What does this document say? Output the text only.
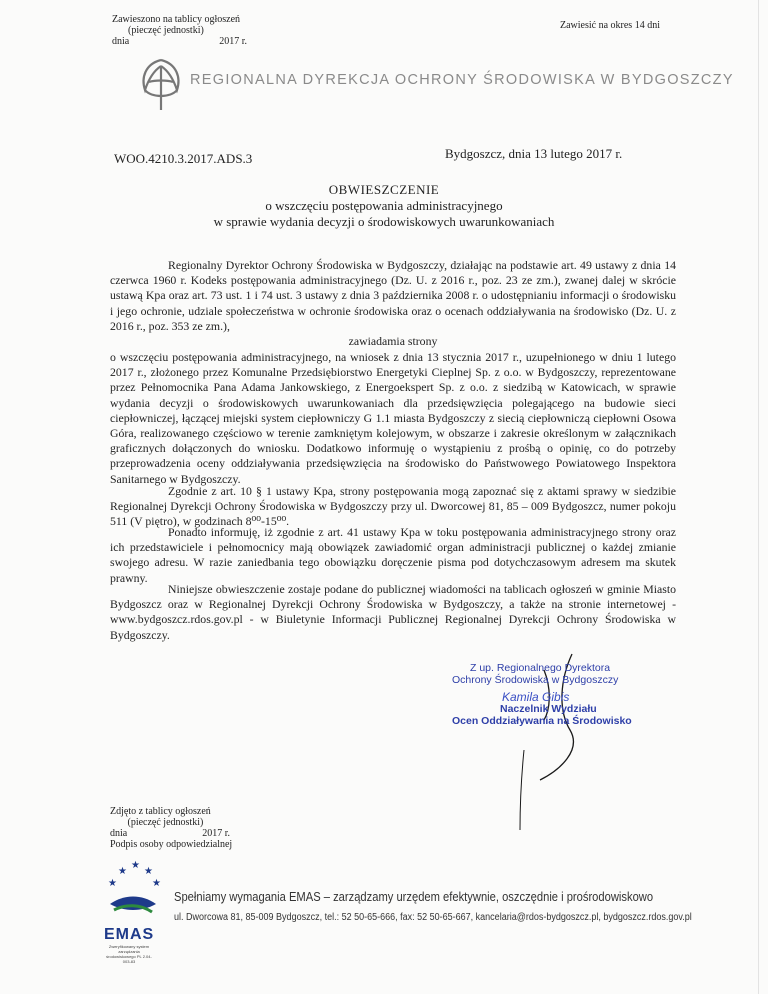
Zawieszono na tablicy ogłoszeń
(pieczęć jednostki)
dnia                                    2017 r.
Zawiesić na okres 14 dni
REGIONALNA DYREKCJA OCHRONY ŚRODOWISKA W BYDGOSZCZY
Bydgoszcz, dnia 13 lutego 2017 r.
WOO.4210.3.2017.ADS.3
OBWIESZCZENIE
o wszczęciu postępowania administracyjnego
w sprawie wydania decyzji o środowiskowych uwarunkowaniach
Regionalny Dyrektor Ochrony Środowiska w Bydgoszczy, działając na podstawie art. 49 ustawy z dnia 14 czerwca 1960 r. Kodeks postępowania administracyjnego (Dz. U. z 2016 r., poz. 23 ze zm.), zwanej dalej w skrócie ustawą Kpa oraz art. 73 ust. 1 i 74 ust. 3 ustawy z dnia 3 października 2008 r. o udostępnianiu informacji o środowisku i jego ochronie, udziale społeczeństwa w ochronie środowiska oraz o ocenach oddziaływania na środowisko (Dz. U. z 2016 r., poz. 353 ze zm.),
zawiadamia strony
o wszczęciu postępowania administracyjnego, na wniosek z dnia 13 stycznia 2017 r., uzupełnionego w dniu 1 lutego 2017 r., złożonego przez Komunalne Przedsiębiorstwo Energetyki Cieplnej Sp. z o.o. w Bydgoszczy, reprezentowane przez Pełnomocnika Pana Adama Jankowskiego, z Energoekspert Sp. z o.o. z siedzibą w Katowicach, w sprawie wydania decyzji o środowiskowych uwarunkowaniach dla przedsięwzięcia polegającego na budowie sieci ciepłowniczej, łączącej miejski system ciepłowniczy G 1.1 miasta Bydgoszczy z siecią ciepłowniczą ciepłowni Osowa Góra, realizowanego częściowo w terenie zamkniętym kolejowym, w obszarze i zakresie określonym w załącznikach graficznych dołączonych do wniosku. Dodatkowo informuję o wystąpieniu z prośbą o opinię, co do potrzeby przeprowadzenia oceny oddziaływania przedsięwzięcia na środowisko do Państwowego Powiatowego Inspektora Sanitarnego w Bydgoszczy.
Zgodnie z art. 10 § 1 ustawy Kpa, strony postępowania mogą zapoznać się z aktami sprawy w siedzibie Regionalnej Dyrekcji Ochrony Środowiska w Bydgoszczy przy ul. Dworcowej 81, 85 – 009 Bydgoszcz, numer pokoju 511 (V piętro), w godzinach 8⁰⁰-15⁰⁰.
Ponadto informuję, iż zgodnie z art. 41 ustawy Kpa w toku postępowania administracyjnego strony oraz ich przedstawiciele i pełnomocnicy mają obowiązek zawiadomić organ administracji publicznej o każdej zmianie swojego adresu. W razie zaniedbania tego obowiązku doręczenie pisma pod dotychczasowym adresem ma skutek prawny.
Niniejsze obwieszczenie zostaje podane do publicznej wiadomości na tablicach ogłoszeń w gminie Miasto Bydgoszcz oraz w Regionalnej Dyrekcji Ochrony Środowiska w Bydgoszczy, a także na stronie internetowej - www.bydgoszcz.rdos.gov.pl - w Biuletynie Informacji Publicznej Regionalnej Dyrekcji Ochrony Środowiska w Bydgoszczy.
Z up. Regionalnego Dyrektora
Ochrony Środowiska w Bydgoszczy
Kamila Gibis
Naczelnik Wydziału
Ocen Oddziaływania na Środowisko
Zdjęto z tablicy ogłoszeń
(pieczęć jednostki)
dnia                              2017 r.
Podpis osoby odpowiedzialnej
★
★
★
★
★
EMAS
Zweryfikowany system zarządzania środowiskowego PL 2.04-003-83
Spełniamy wymagania EMAS – zarządzamy urzędem efektywnie, oszczędnie i prośrodowiskowo
ul. Dworcowa 81, 85-009 Bydgoszcz, tel.: 52 50-65-666, fax: 52 50-65-667, kancelaria@rdos-bydgoszcz.pl, bydgoszcz.rdos.gov.pl
